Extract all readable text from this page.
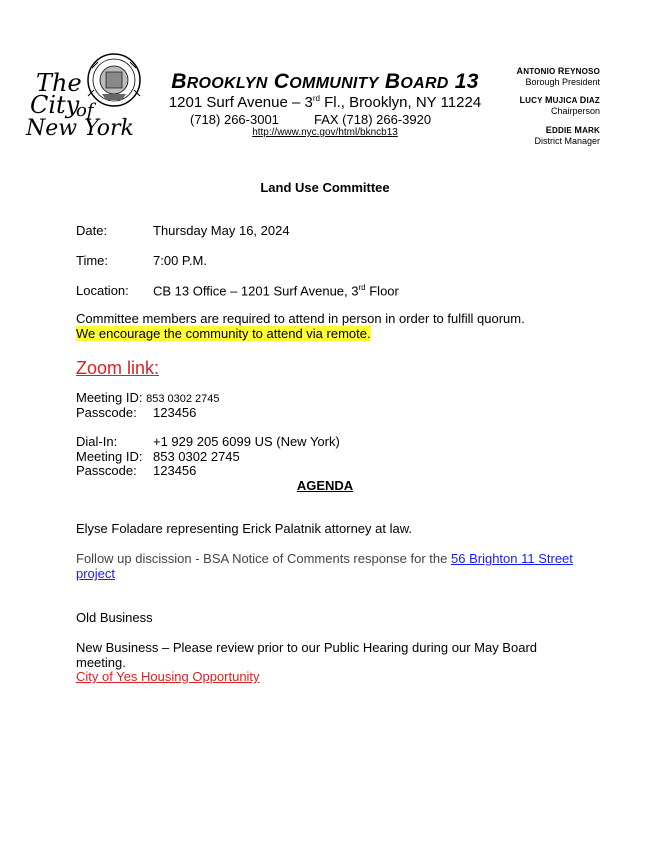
The
City
of
New York
BROOKLYN COMMUNITY BOARD 13
1201 Surf Avenue – 3rd Fl., Brooklyn, NY 11224
(718) 266-3001	FAX (718) 266-3920
http://www.nyc.gov/html/bkncb13
ANTONIO REYNOSO
Borough President
LUCY MUJICA DIAZ
Chairperson
EDDIE MARK
District Manager
Land Use Committee
Date:	Thursday May 16, 2024
Time:	7:00 P.M.
Location: CB 13 Office – 1201 Surf Avenue, 3rd Floor
Committee members are required to attend in person in order to fulfill quorum.
We encourage the community to attend via remote.
Zoom link:
Meeting ID: 853 0302 2745
Passcode: 123456
Dial-In:	+1 929 205 6099 US (New York)
Meeting ID: 853 0302 2745
Passcode: 123456
AGENDA
Elyse Foladare representing Erick Palatnik attorney at law.
Follow up discission - BSA Notice of Comments response for the 56 Brighton 11 Street
project
Old Business
New Business – Please review prior to our Public Hearing during our May Board
meeting.
City of Yes Housing Opportunity
